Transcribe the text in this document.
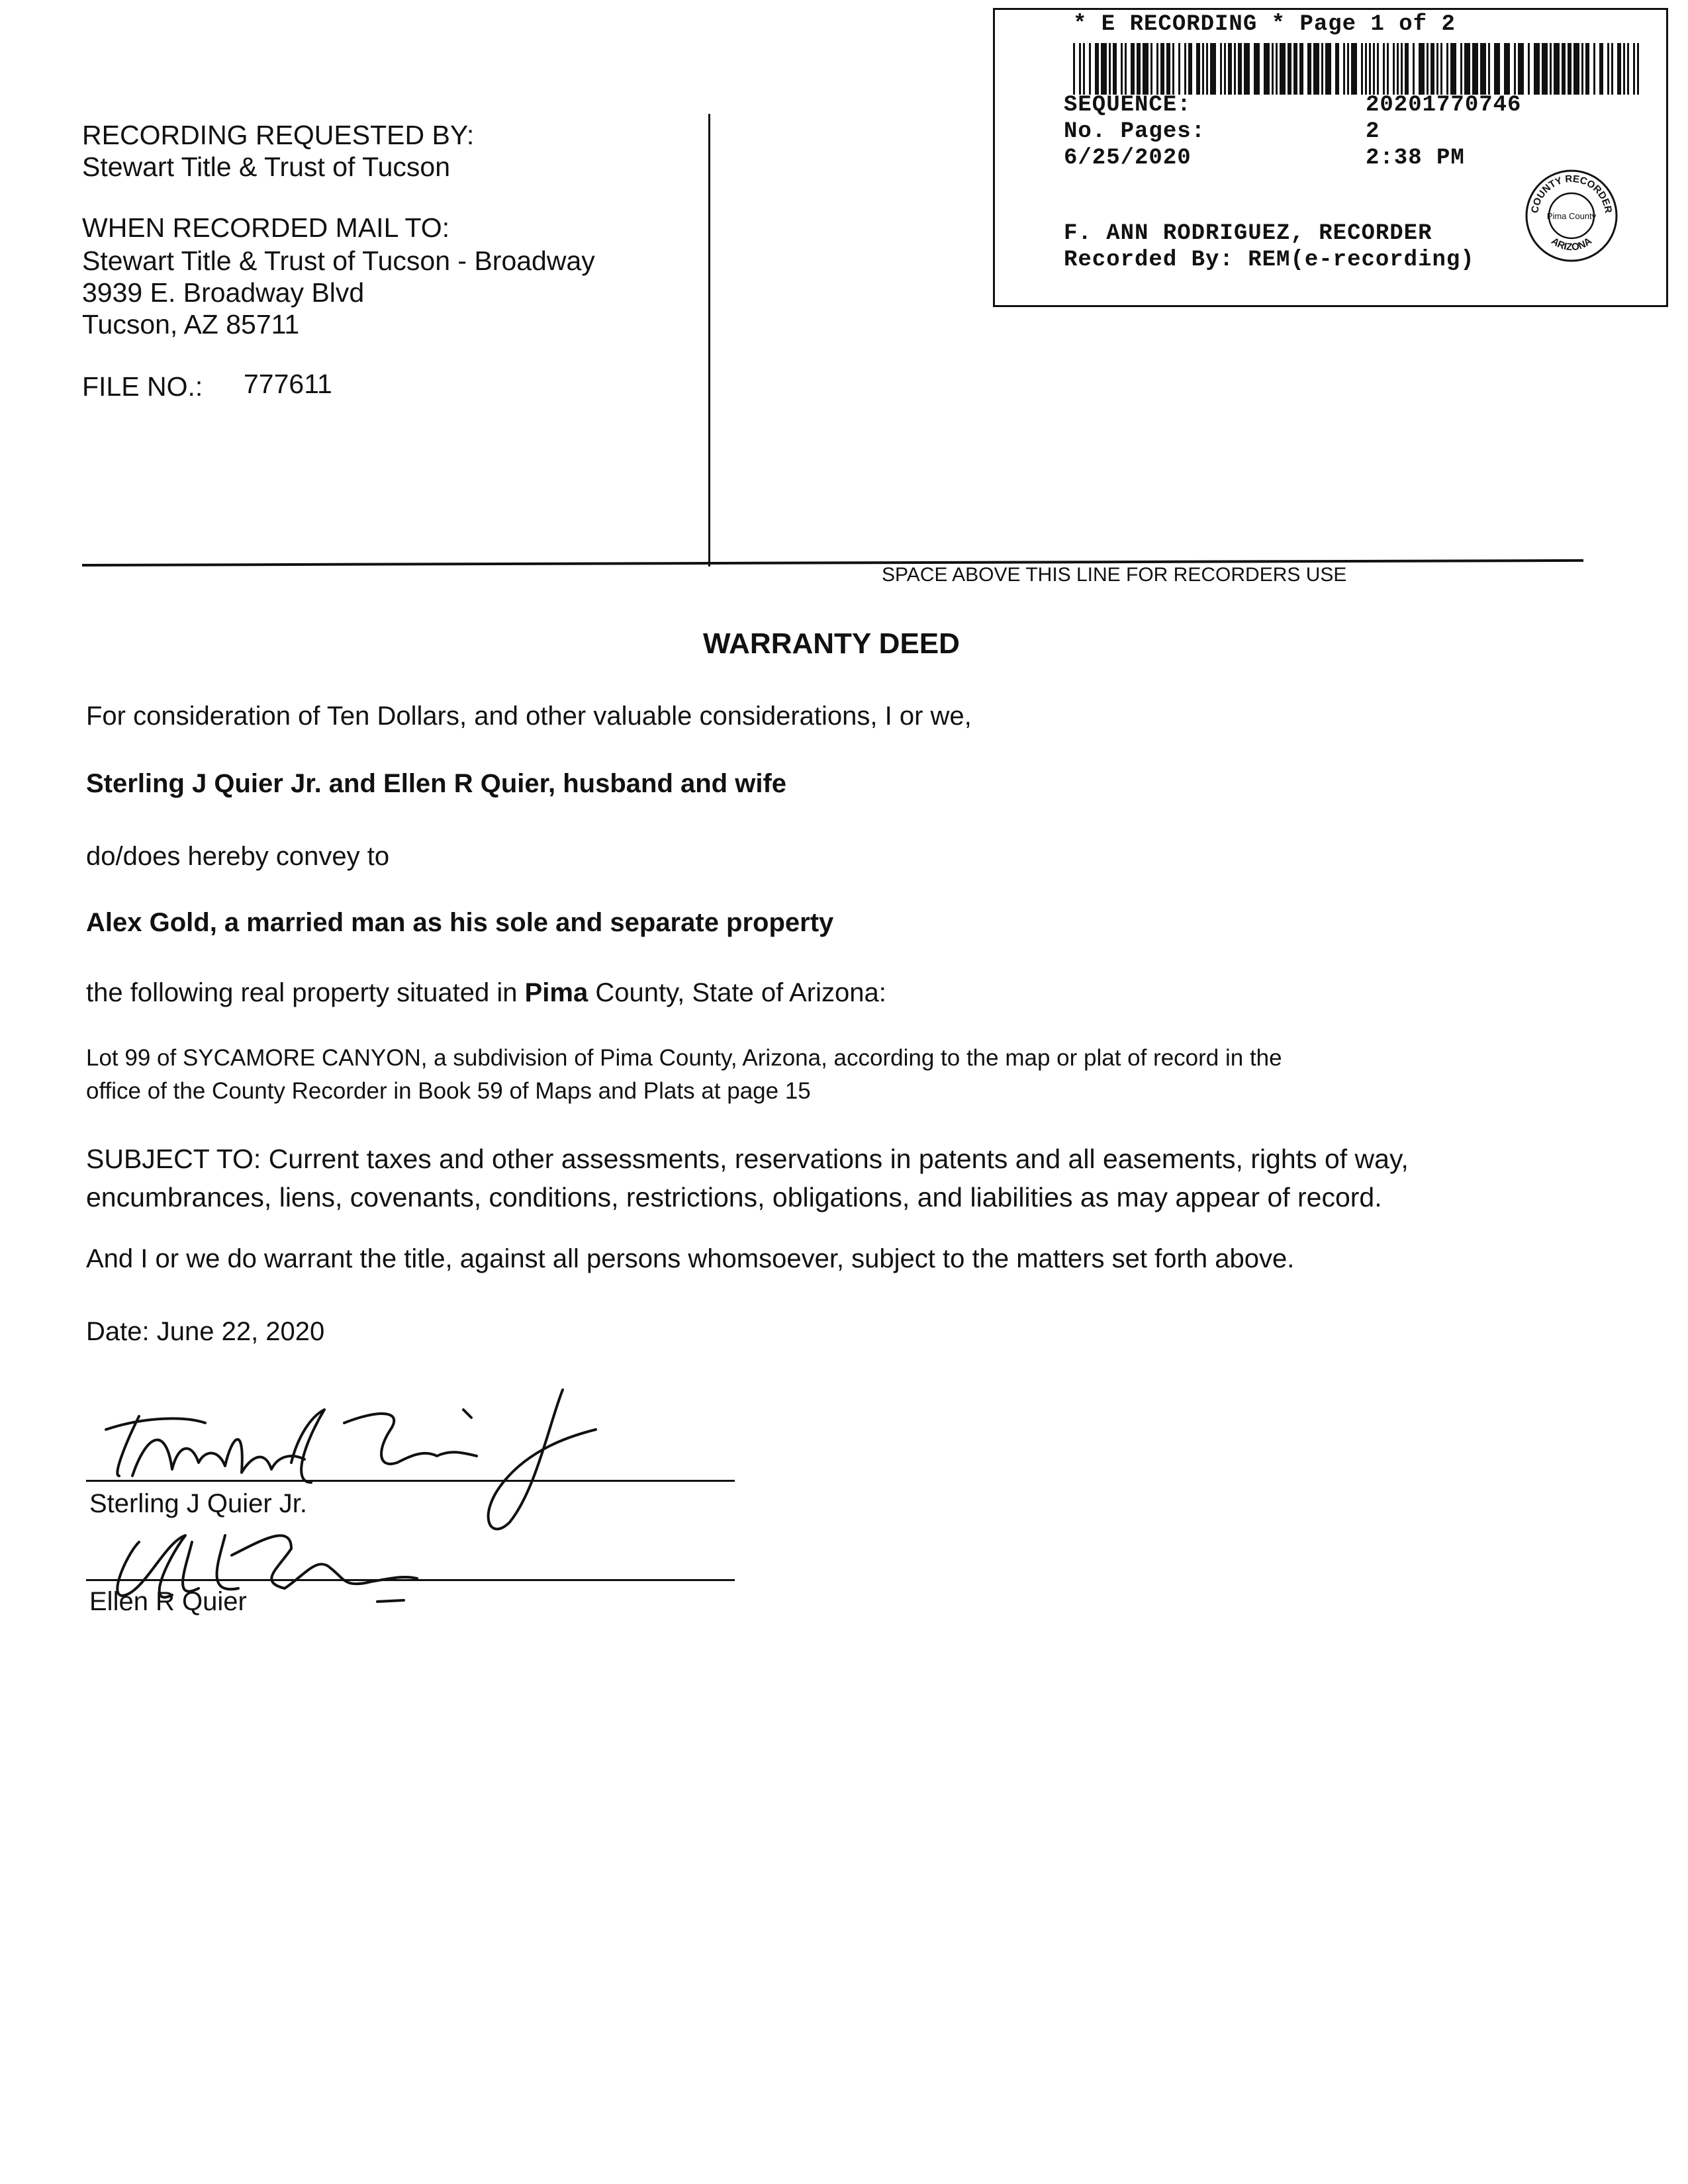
* E RECORDING * Page 1 of 2
SEQUENCE:	20201770746
No. Pages:	2
6/25/2020	2:38 PM
F. ANN RODRIGUEZ, RECORDER
Recorded By: REM(e-recording)
COUNTY RECORDER
ARIZONA
Pima County
RECORDING REQUESTED BY:
Stewart Title & Trust of Tucson
WHEN RECORDED MAIL TO:
Stewart Title & Trust of Tucson - Broadway
3939 E. Broadway Blvd
Tucson, AZ 85711
FILE NO.: 777611
SPACE ABOVE THIS LINE FOR RECORDERS USE
WARRANTY DEED
For consideration of Ten Dollars, and other valuable considerations, I or we,
Sterling J Quier Jr. and Ellen R Quier, husband and wife
do/does hereby convey to
Alex Gold, a married man as his sole and separate property
the following real property situated in Pima County, State of Arizona:
Lot 99 of SYCAMORE CANYON, a subdivision of Pima County, Arizona, according to the map or plat of record in the
office of the County Recorder in Book 59 of Maps and Plats at page 15
SUBJECT TO: Current taxes and other assessments, reservations in patents and all easements, rights of way,
encumbrances, liens, covenants, conditions, restrictions, obligations, and liabilities as may appear of record.
And I or we do warrant the title, against all persons whomsoever, subject to the matters set forth above.
Date: June 22, 2020
Sterling J Quier Jr.
Ellen R Quier
